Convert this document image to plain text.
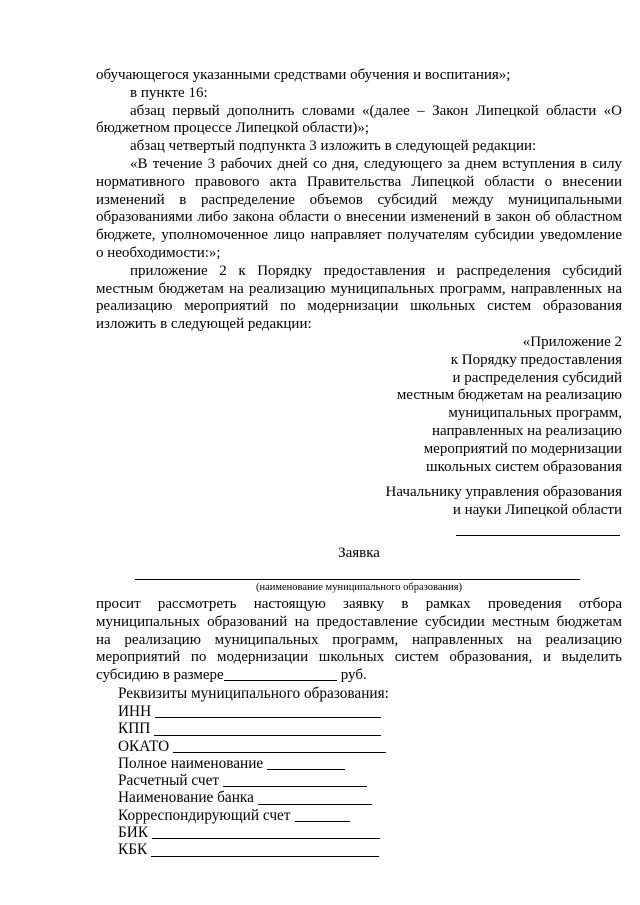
обучающегося указанными средствами обучения и воспитания»;
в пункте 16:
абзац первый дополнить словами «(далее – Закон Липецкой области «О
бюджетном процессе Липецкой области)»;
абзац четвертый подпункта 3 изложить в следующей редакции:
«В течение 3 рабочих дней со дня, следующего за днем вступления в силу
нормативного правового акта Правительства Липецкой области о внесении
изменений в распределение объемов субсидий между муниципальными
образованиями либо закона области о внесении изменений в закон об областном
бюджете, уполномоченное лицо направляет получателям субсидии уведомление
о необходимости:»;
приложение 2 к Порядку предоставления и распределения субсидий
местным бюджетам на реализацию муниципальных программ, направленных на
реализацию мероприятий по модернизации школьных систем образования
изложить в следующей редакции:
«Приложение 2
к Порядку предоставления
и распределения субсидий
местным бюджетам на реализацию
муниципальных программ,
направленных на реализацию
мероприятий по модернизации
школьных систем образования
Начальнику управления образования
и науки Липецкой области
Заявка
(наименование муниципального образования)
просит рассмотреть настоящую заявку в рамках проведения отбора
муниципальных образований на предоставление субсидии местным бюджетам
на реализацию муниципальных программ, направленных на реализацию
мероприятий по модернизации школьных систем образования, и выделить
субсидию в размере	руб.
Реквизиты муниципального образования:
ИНН
КПП
ОКАТО
Полное наименование
Расчетный счет
Наименование банка
Корреспондирующий счет
БИК
КБК
